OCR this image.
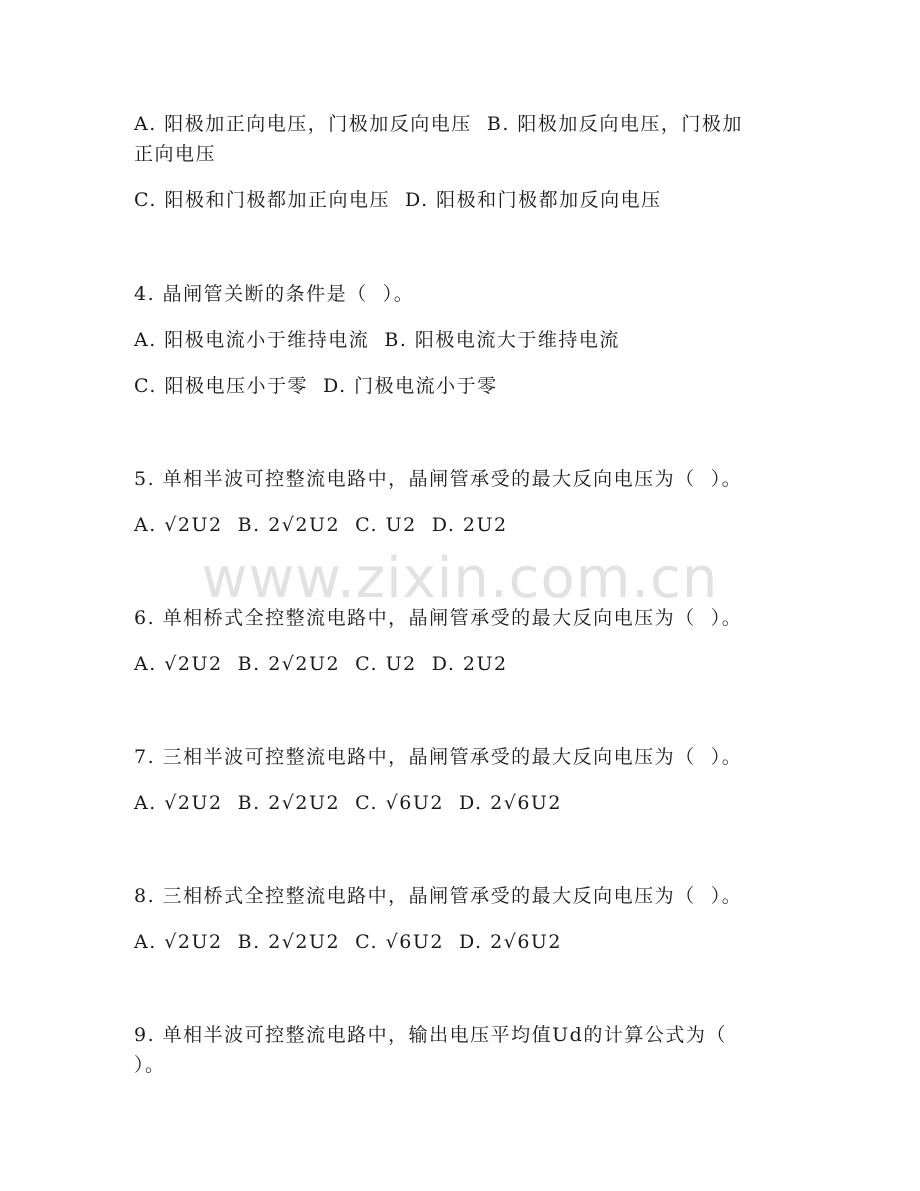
A. 阳极加正向电压，门极加反向电压  B. 阳极加反向电压，门极加
正向电压
C. 阳极和门极都加正向电压  D. 阳极和门极都加反向电压
4. 晶闸管关断的条件是（  ）。
A. 阳极电流小于维持电流  B. 阳极电流大于维持电流
C. 阳极电压小于零  D. 门极电流小于零
5. 单相半波可控整流电路中，晶闸管承受的最大反向电压为（  ）。
A. √2U2  B. 2√2U2  C. U2  D. 2U2
www.zixin.com.cn
6. 单相桥式全控整流电路中，晶闸管承受的最大反向电压为（  ）。
A. √2U2  B. 2√2U2  C. U2  D. 2U2
7. 三相半波可控整流电路中，晶闸管承受的最大反向电压为（  ）。
A. √2U2  B. 2√2U2  C. √6U2  D. 2√6U2
8. 三相桥式全控整流电路中，晶闸管承受的最大反向电压为（  ）。
A. √2U2  B. 2√2U2  C. √6U2  D. 2√6U2
9. 单相半波可控整流电路中，输出电压平均值Ud的计算公式为（
）。
